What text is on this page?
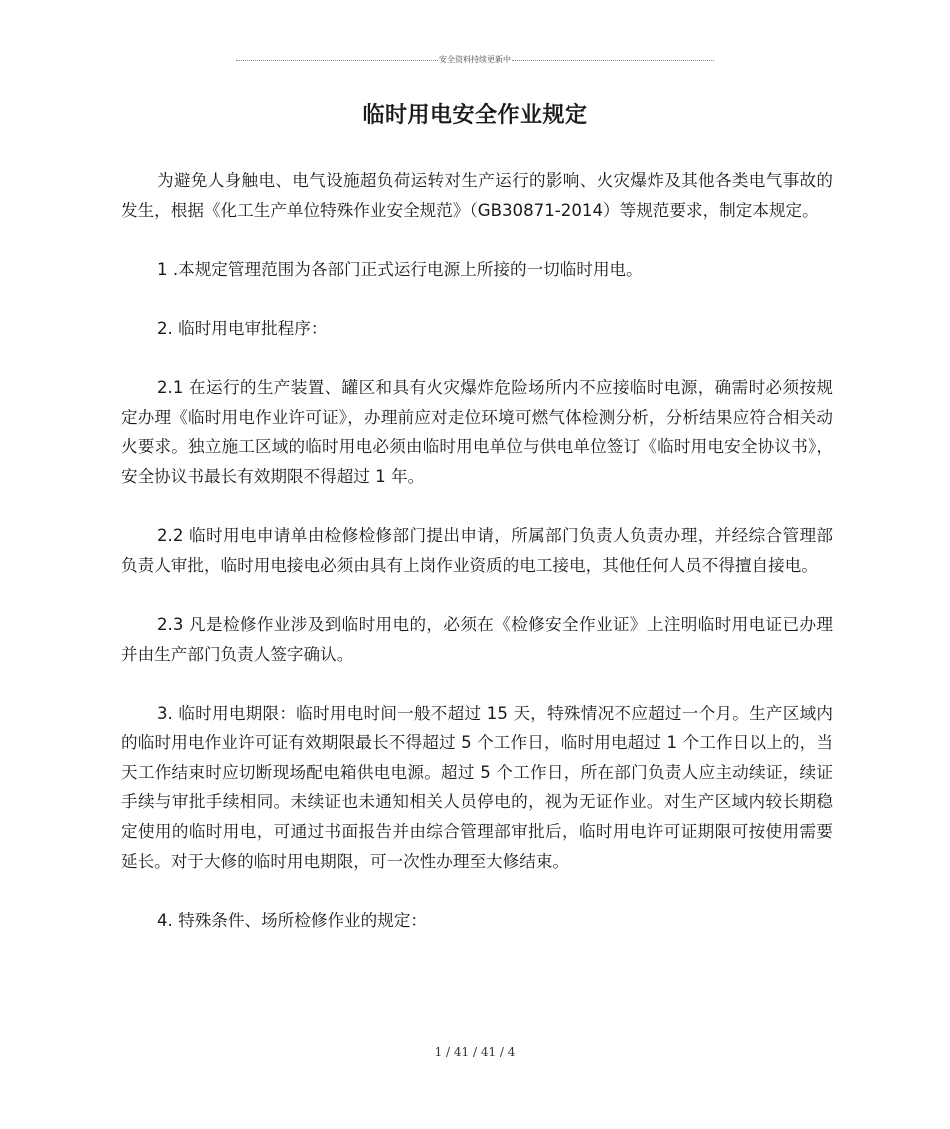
安全资料持续更新中
临时用电安全作业规定

为避免人身触电、电气设施超负荷运转对生产运行的影响、火灾爆炸及其他各类电气事故的发生，根据《化工生产单位特殊作业安全规范》（GB30871-2014）等规范要求，制定本规定。

1 .本规定管理范围为各部门正式运行电源上所接的一切临时用电。

2. 临时用电审批程序：

2.1 在运行的生产装置、罐区和具有火灾爆炸危险场所内不应接临时电源，确需时必须按规定办理《临时用电作业许可证》，办理前应对走位环境可燃气体检测分析，分析结果应符合相关动火要求。独立施工区域的临时用电必须由临时用电单位与供电单位签订《临时用电安全协议书》，安全协议书最长有效期限不得超过 1 年。

2.2 临时用电申请单由检修检修部门提出申请，所属部门负责人负责办理，并经综合管理部负责人审批，临时用电接电必须由具有上岗作业资质的电工接电，其他任何人员不得擅自接电。

2.3 凡是检修作业涉及到临时用电的，必须在《检修安全作业证》上注明临时用电证已办理并由生产部门负责人签字确认。

3. 临时用电期限：临时用电时间一般不超过 15 天，特殊情况不应超过一个月。生产区域内的临时用电作业许可证有效期限最长不得超过 5 个工作日，临时用电超过 1 个工作日以上的，当天工作结束时应切断现场配电箱供电电源。超过 5 个工作日，所在部门负责人应主动续证，续证手续与审批手续相同。未续证也未通知相关人员停电的，视为无证作业。对生产区域内较长期稳定使用的临时用电，可通过书面报告并由综合管理部审批后，临时用电许可证期限可按使用需要延长。对于大修的临时用电期限，可一次性办理至大修结束。

4. 特殊条件、场所检修作业的规定：

1 / 41 / 41 / 4
